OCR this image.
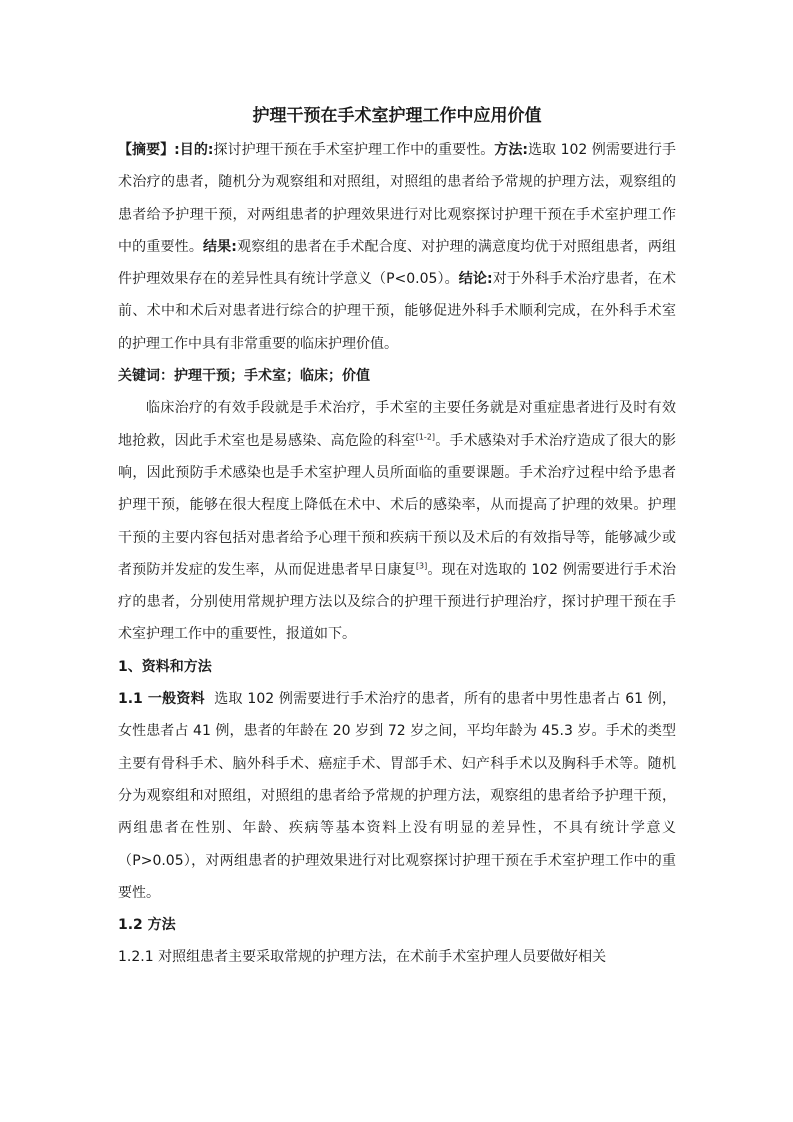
护理干预在手术室护理工作中应用价值

【摘要】:目的:探讨护理干预在手术室护理工作中的重要性。方法:选取 102 例需要进行手术治疗的患者，随机分为观察组和对照组，对照组的患者给予常规的护理方法，观察组的患者给予护理干预，对两组患者的护理效果进行对比观察探讨护理干预在手术室护理工作中的重要性。结果:观察组的患者在手术配合度、对护理的满意度均优于对照组患者，两组件护理效果存在的差异性具有统计学意义（P<0.05）。结论:对于外科手术治疗患者，在术前、术中和术后对患者进行综合的护理干预，能够促进外科手术顺利完成，在外科手术室的护理工作中具有非常重要的临床护理价值。

关键词：护理干预；手术室；临床；价值

临床治疗的有效手段就是手术治疗，手术室的主要任务就是对重症患者进行及时有效地抢救，因此手术室也是易感染、高危险的科室[1-2]。手术感染对手术治疗造成了很大的影响，因此预防手术感染也是手术室护理人员所面临的重要课题。手术治疗过程中给予患者护理干预，能够在很大程度上降低在术中、术后的感染率，从而提高了护理的效果。护理干预的主要内容包括对患者给予心理干预和疾病干预以及术后的有效指导等，能够减少或者预防并发症的发生率，从而促进患者早日康复[3]。现在对选取的 102 例需要进行手术治疗的患者，分别使用常规护理方法以及综合的护理干预进行护理治疗，探讨护理干预在手术室护理工作中的重要性，报道如下。

1、资料和方法

1.1 一般资料 选取 102 例需要进行手术治疗的患者，所有的患者中男性患者占 61 例，女性患者占 41 例，患者的年龄在 20 岁到 72 岁之间，平均年龄为 45.3 岁。手术的类型主要有骨科手术、脑外科手术、癌症手术、胃部手术、妇产科手术以及胸科手术等。随机分为观察组和对照组，对照组的患者给予常规的护理方法，观察组的患者给予护理干预，两组患者在性别、年龄、疾病等基本资料上没有明显的差异性，不具有统计学意义（P>0.05），对两组患者的护理效果进行对比观察探讨护理干预在手术室护理工作中的重要性。

1.2 方法

1.2.1 对照组患者主要采取常规的护理方法，在术前手术室护理人员要做好相关
